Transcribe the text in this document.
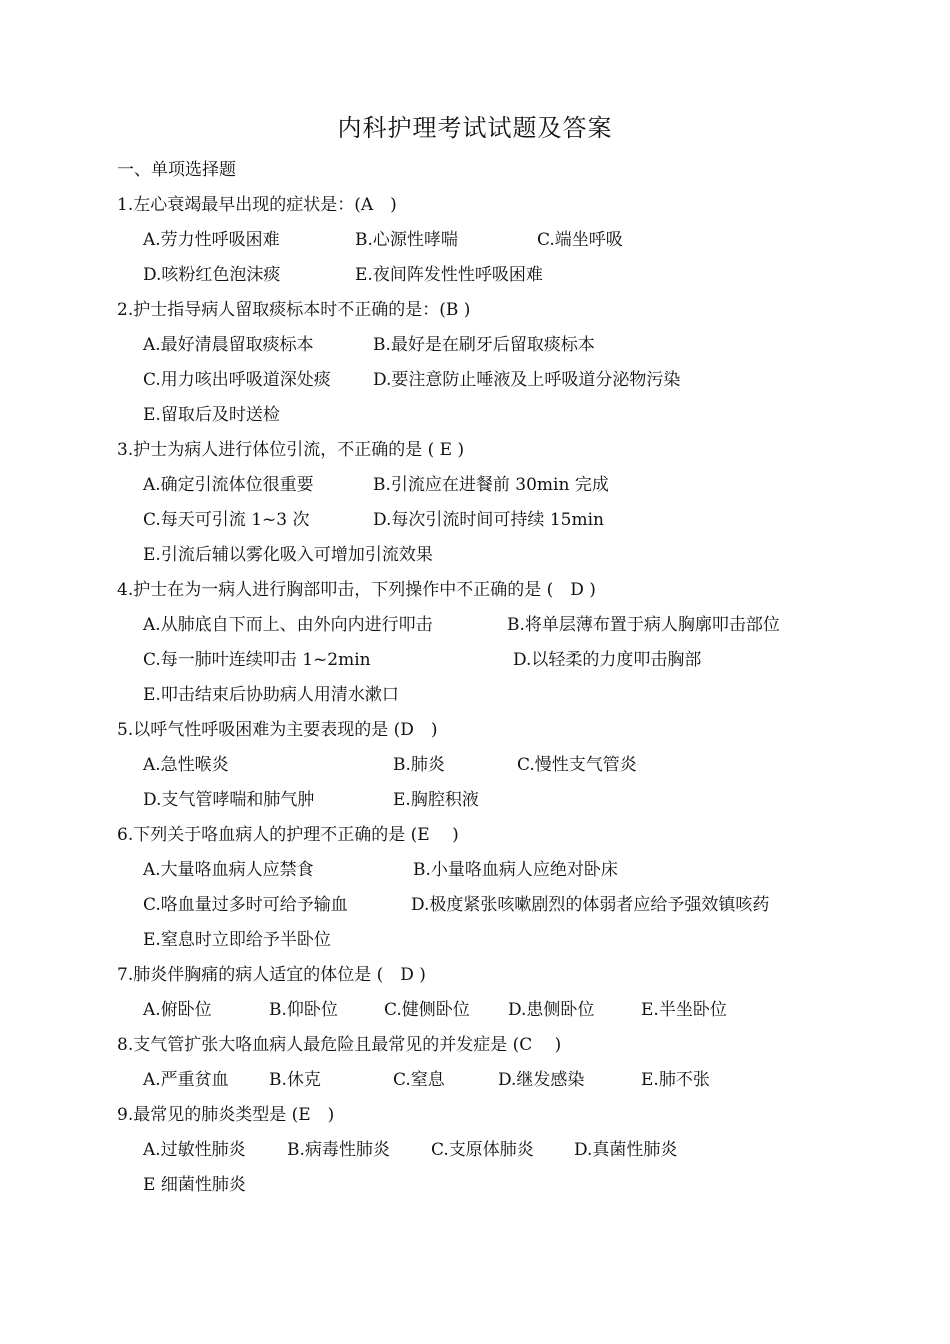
内科护理考试试题及答案
一、单项选择题
1.左心衰竭最早出现的症状是：(A　)
A.劳力性呼吸困难	B.心源性哮喘	C.端坐呼吸
D.咳粉红色泡沫痰	E.夜间阵发性性呼吸困难
2.护士指导病人留取痰标本时不正确的是：(B )
A.最好清晨留取痰标本	B.最好是在刷牙后留取痰标本
C.用力咳出呼吸道深处痰 D.要注意防止唾液及上呼吸道分泌物污染
E.留取后及时送检
3.护士为病人进行体位引流，不正确的是 ( E )
A.确定引流体位很重要	B.引流应在进餐前 30min 完成
C.每天可引流 1~3 次	D.每次引流时间可持续 15min
E.引流后辅以雾化吸入可增加引流效果
4.护士在为一病人进行胸部叩击，下列操作中不正确的是 (　D )
A.从肺底自下而上、由外向内进行叩击	B.将单层薄布置于病人胸廓叩击部位
C.每一肺叶连续叩击 1~2min	D.以轻柔的力度叩击胸部
E.叩击结束后协助病人用清水漱口
5.以呼气性呼吸困难为主要表现的是 (D　)
A.急性喉炎	B.肺炎	C.慢性支气管炎
D.支气管哮喘和肺气肿	E.胸腔积液
6.下列关于咯血病人的护理不正确的是 (E　 )
A.大量咯血病人应禁食	B.小量咯血病人应绝对卧床
C.咯血量过多时可给予输血	D.极度紧张咳嗽剧烈的体弱者应给予强效镇咳药
E.窒息时立即给予半卧位
7.肺炎伴胸痛的病人适宜的体位是 (　D )
A.俯卧位	B.仰卧位	C.健侧卧位 D.患侧卧位	E.半坐卧位
8.支气管扩张大咯血病人最危险且最常见的并发症是 (C　 )
A.严重贫血 B.休克	C.窒息	D.继发感染	E.肺不张
9.最常见的肺炎类型是 (E　)
A.过敏性肺炎 B.病毒性肺炎 C.支原体肺炎 D.真菌性肺炎
E 细菌性肺炎
